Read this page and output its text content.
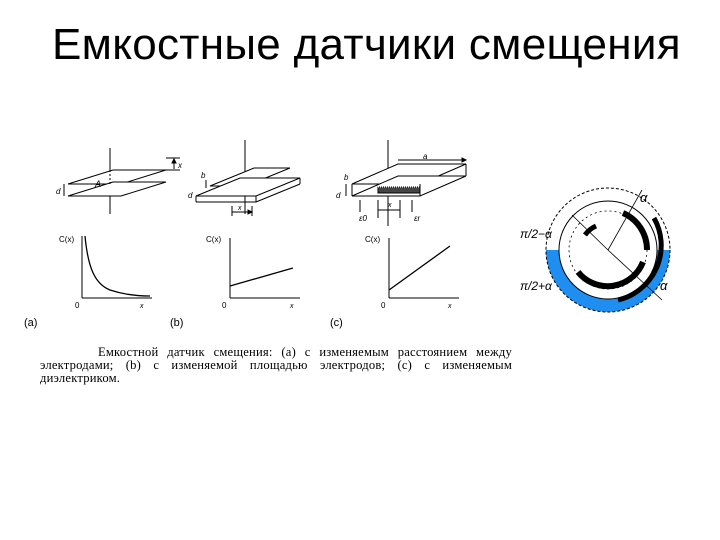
Емкостные датчики смещения
A
d
x
C(x)
0	x
(a)
b
d
x
C(x)
0	x
(b)
a
b
d
x
ε0	εr
C(x)
0	x
(c)
α
π/2−α
π/2+α	α
Емкостной датчик смещения: (а) с изменяемым расстоянием между
электродами; (b) с изменяемой площадью электродов; (с) с изменяемым
диэлектриком.
